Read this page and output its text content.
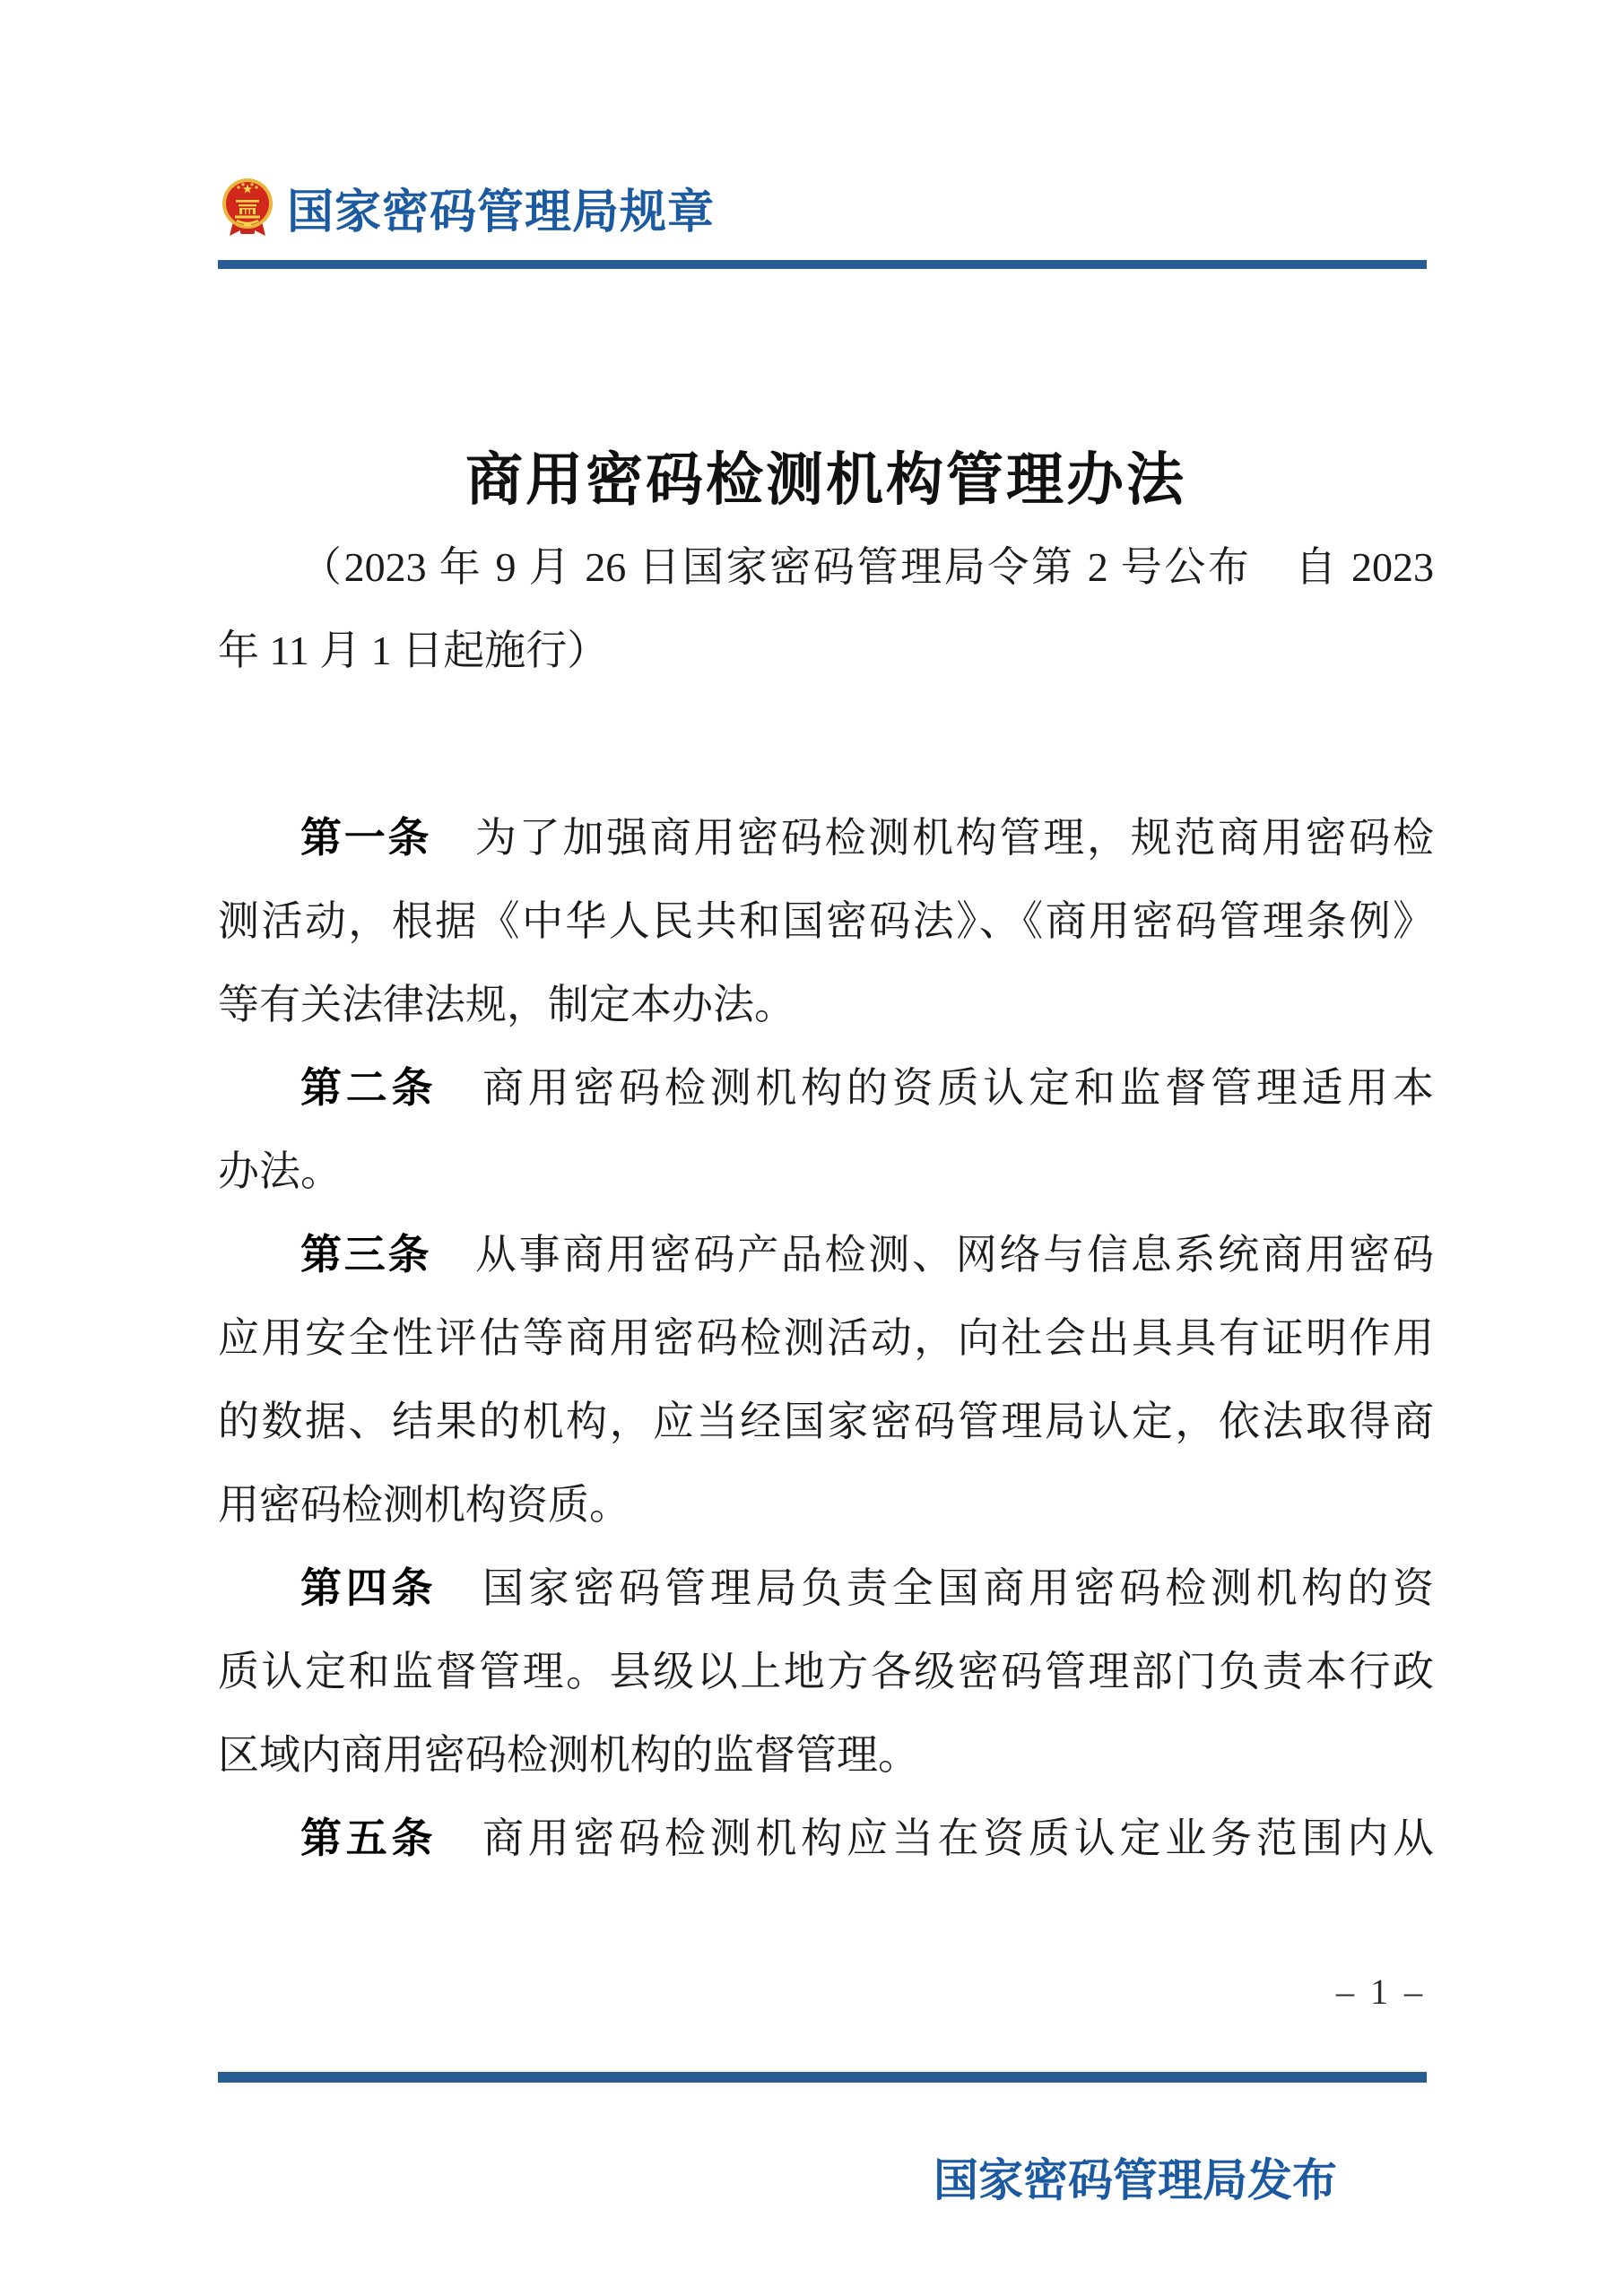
国家密码管理局规章
商用密码检测机构管理办法
（2023 年 9 月 26 日国家密码管理局令第 2 号公布　自 2023
年 11 月 1 日起施行）
第一条　为了加强商用密码检测机构管理，规范商用密码检
测活动，根据《中华人民共和国密码法》、《商用密码管理条例》
等有关法律法规，制定本办法。
第二条　商用密码检测机构的资质认定和监督管理适用本
办法。
第三条　从事商用密码产品检测、网络与信息系统商用密码
应用安全性评估等商用密码检测活动，向社会出具具有证明作用
的数据、结果的机构，应当经国家密码管理局认定，依法取得商
用密码检测机构资质。
第四条　国家密码管理局负责全国商用密码检测机构的资
质认定和监督管理。县级以上地方各级密码管理部门负责本行政
区域内商用密码检测机构的监督管理。
第五条　商用密码检测机构应当在资质认定业务范围内从
– 1 –
国家密码管理局发布
